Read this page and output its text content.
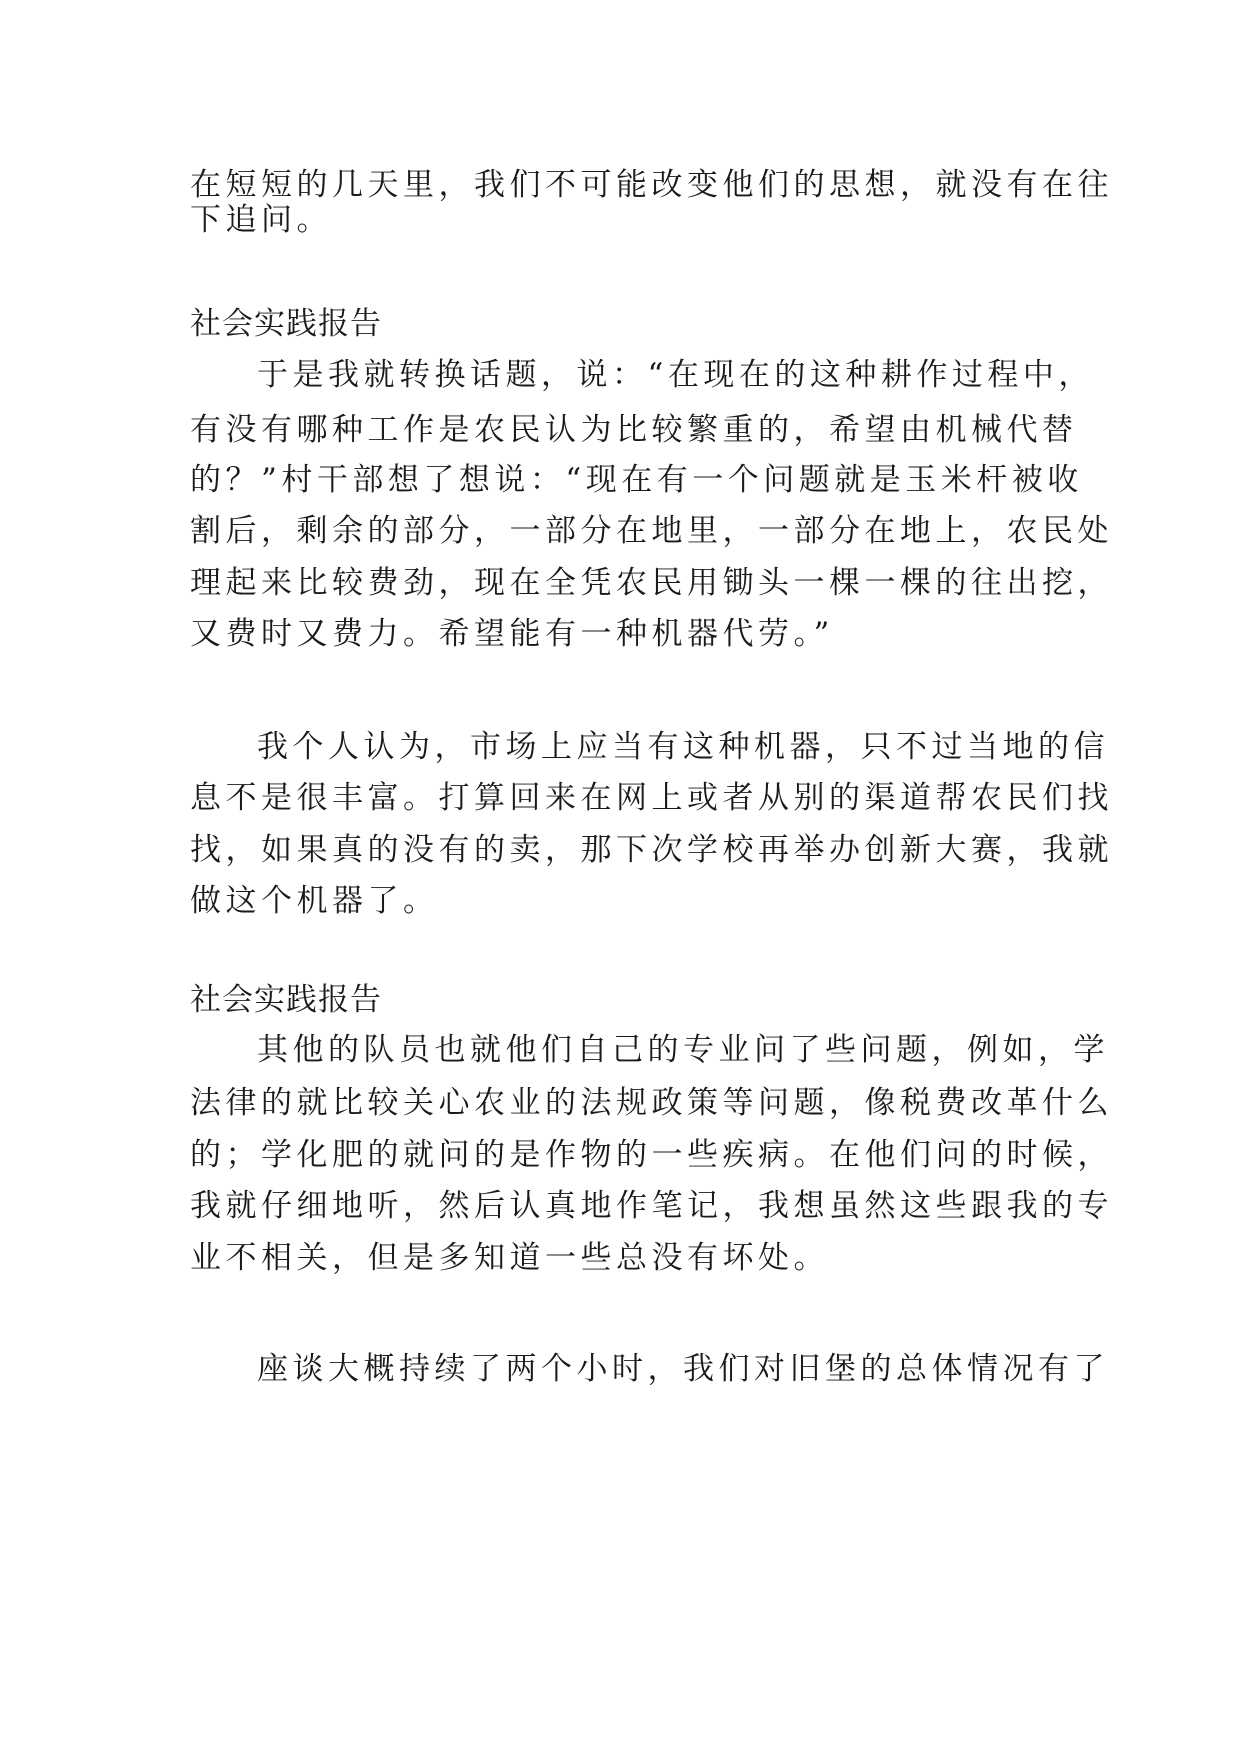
在短短的几天里，我们不可能改变他们的思想，就没有在往
下追问。
社会实践报告
于是我就转换话题，说：“在现在的这种耕作过程中，
有没有哪种工作是农民认为比较繁重的，希望由机械代替
的？”村干部想了想说：“现在有一个问题就是玉米杆被收
割后，剩余的部分，一部分在地里，一部分在地上，农民处
理起来比较费劲，现在全凭农民用锄头一棵一棵的往出挖，
又费时又费力。希望能有一种机器代劳。”
我个人认为，市场上应当有这种机器，只不过当地的信
息不是很丰富。打算回来在网上或者从别的渠道帮农民们找
找，如果真的没有的卖，那下次学校再举办创新大赛，我就
做这个机器了。
社会实践报告
其他的队员也就他们自己的专业问了些问题，例如，学
法律的就比较关心农业的法规政策等问题，像税费改革什么
的；学化肥的就问的是作物的一些疾病。在他们问的时候，
我就仔细地听，然后认真地作笔记，我想虽然这些跟我的专
业不相关，但是多知道一些总没有坏处。
座谈大概持续了两个小时，我们对旧堡的总体情况有了
